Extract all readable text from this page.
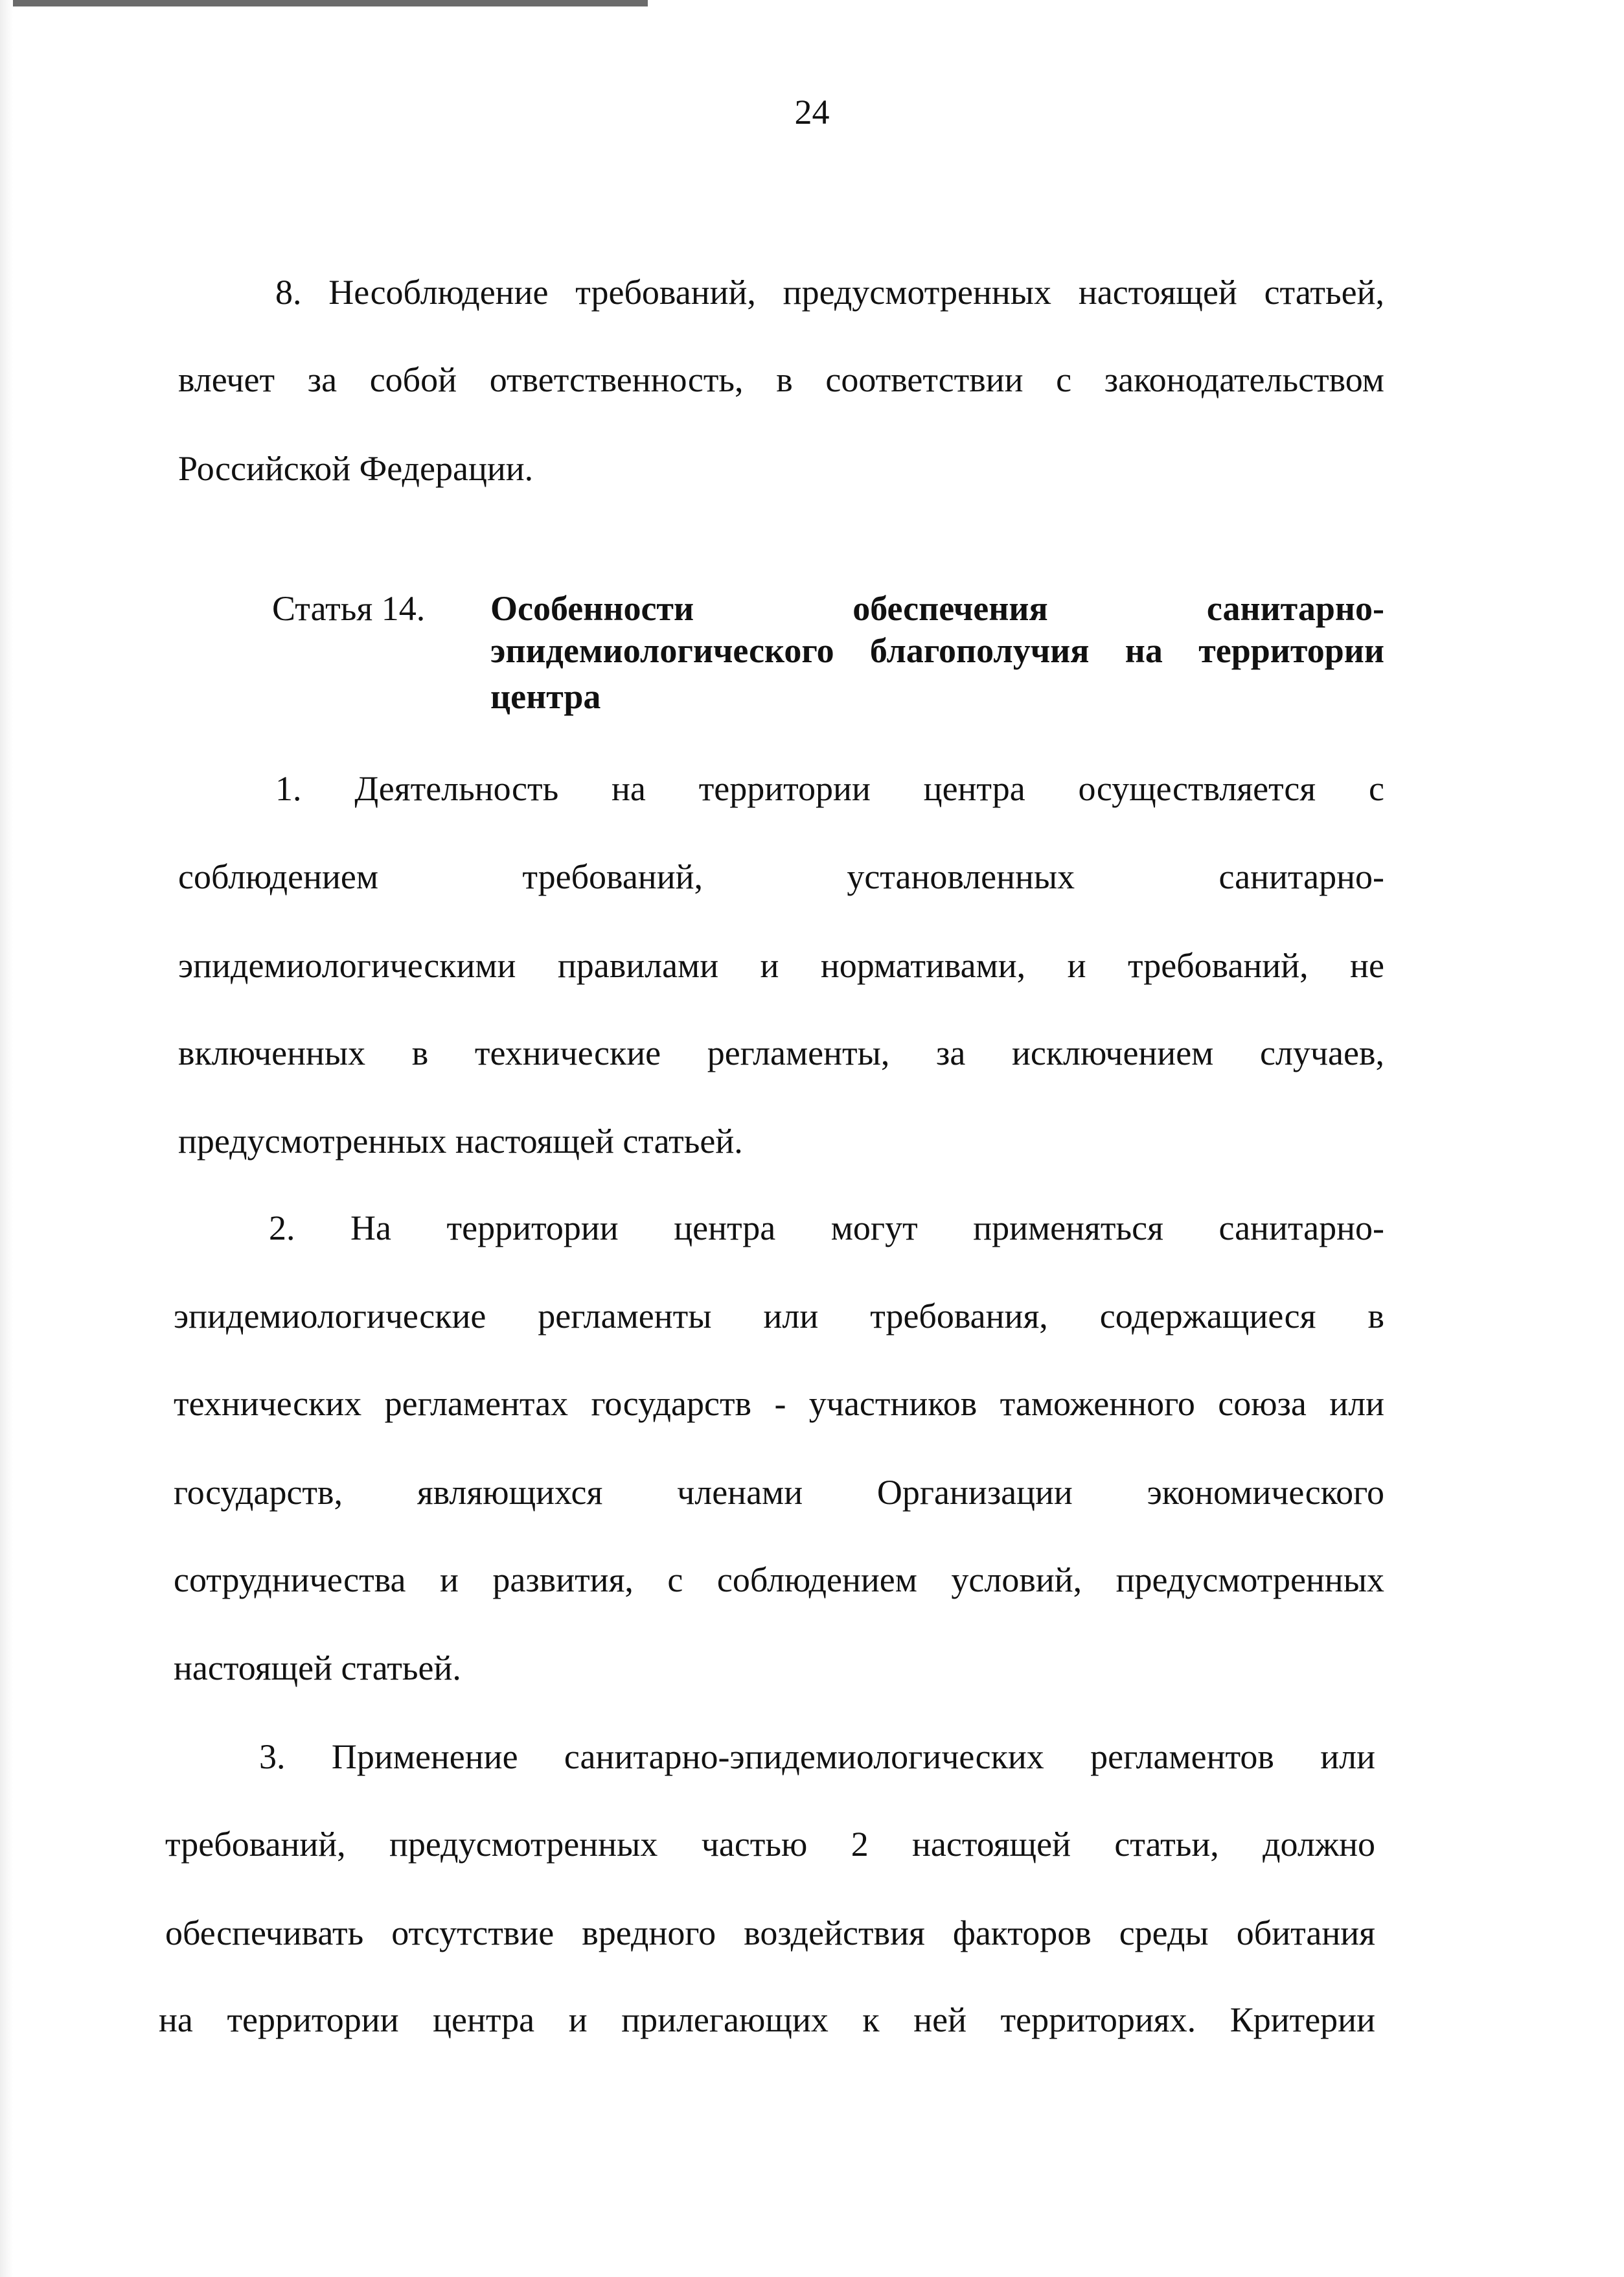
24
8. Несоблюдение требований, предусмотренных настоящей статьей,
влечет за собой ответственность, в соответствии с законодательством
Российской Федерации.
Статья 14. Особенности	обеспечения	санитарно-
эпидемиологического благополучия на территории
центра
1. Деятельность на территории центра осуществляется с
соблюдением	требований,	установленных	санитарно-
эпидемиологическими правилами и нормативами, и требований, не
включенных в технические регламенты, за исключением случаев,
предусмотренных настоящей статьей.
2. На территории центра могут применяться санитарно-
эпидемиологические регламенты или требования, содержащиеся в
технических регламентах государств - участников таможенного союза или
государств, являющихся членами Организации экономического
сотрудничества и развития, с соблюдением условий, предусмотренных
настоящей статьей.
3. Применение санитарно-эпидемиологических регламентов или
требований, предусмотренных частью 2 настоящей статьи, должно
обеспечивать отсутствие вредного воздействия факторов среды обитания
на территории центра и прилегающих к ней территориях. Критерии
